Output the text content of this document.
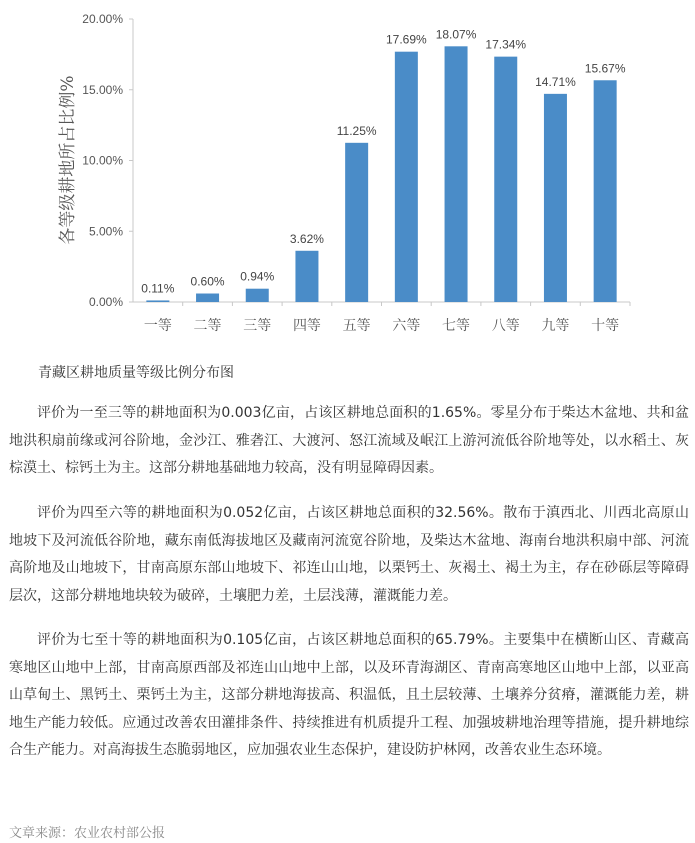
0.00%
5.00%
10.00%
15.00%
20.00%
各等级耕地所占比例%
0.11%
一等
0.60%
二等
0.94%
三等
3.62%
四等
11.25%
五等
17.69%
六等
18.07%
七等
17.34%
八等
14.71%
九等
15.67%
十等
青藏区耕地质量等级比例分布图

评价为一至三等的耕地面积为0.003亿亩，占该区耕地总面积的1.65%。零星分布于柴达木盆地、共和盆地洪积扇前缘或河谷阶地，金沙江、雅砻江、大渡河、怒江流域及岷江上游河流低谷阶地等处，以水稻土、灰棕漠土、棕钙土为主。这部分耕地基础地力较高，没有明显障碍因素。

评价为四至六等的耕地面积为0.052亿亩，占该区耕地总面积的32.56%。散布于滇西北、川西北高原山地坡下及河流低谷阶地，藏东南低海拔地区及藏南河流宽谷阶地，及柴达木盆地、海南台地洪积扇中部、河流高阶地及山地坡下，甘南高原东部山地坡下、祁连山山地，以栗钙土、灰褐土、褐土为主，存在砂砾层等障碍层次，这部分耕地地块较为破碎，土壤肥力差，土层浅薄，灌溉能力差。

评价为七至十等的耕地面积为0.105亿亩，占该区耕地总面积的65.79%。主要集中在横断山区、青藏高寒地区山地中上部，甘南高原西部及祁连山山地中上部，以及环青海湖区、青南高寒地区山地中上部，以亚高山草甸土、黑钙土、栗钙土为主，这部分耕地海拔高、积温低，且土层较薄、土壤养分贫瘠，灌溉能力差，耕地生产能力较低。应通过改善农田灌排条件、持续推进有机质提升工程、加强坡耕地治理等措施，提升耕地综合生产能力。对高海拔生态脆弱地区，应加强农业生态保护，建设防护林网，改善农业生态环境。

文章来源：农业农村部公报
